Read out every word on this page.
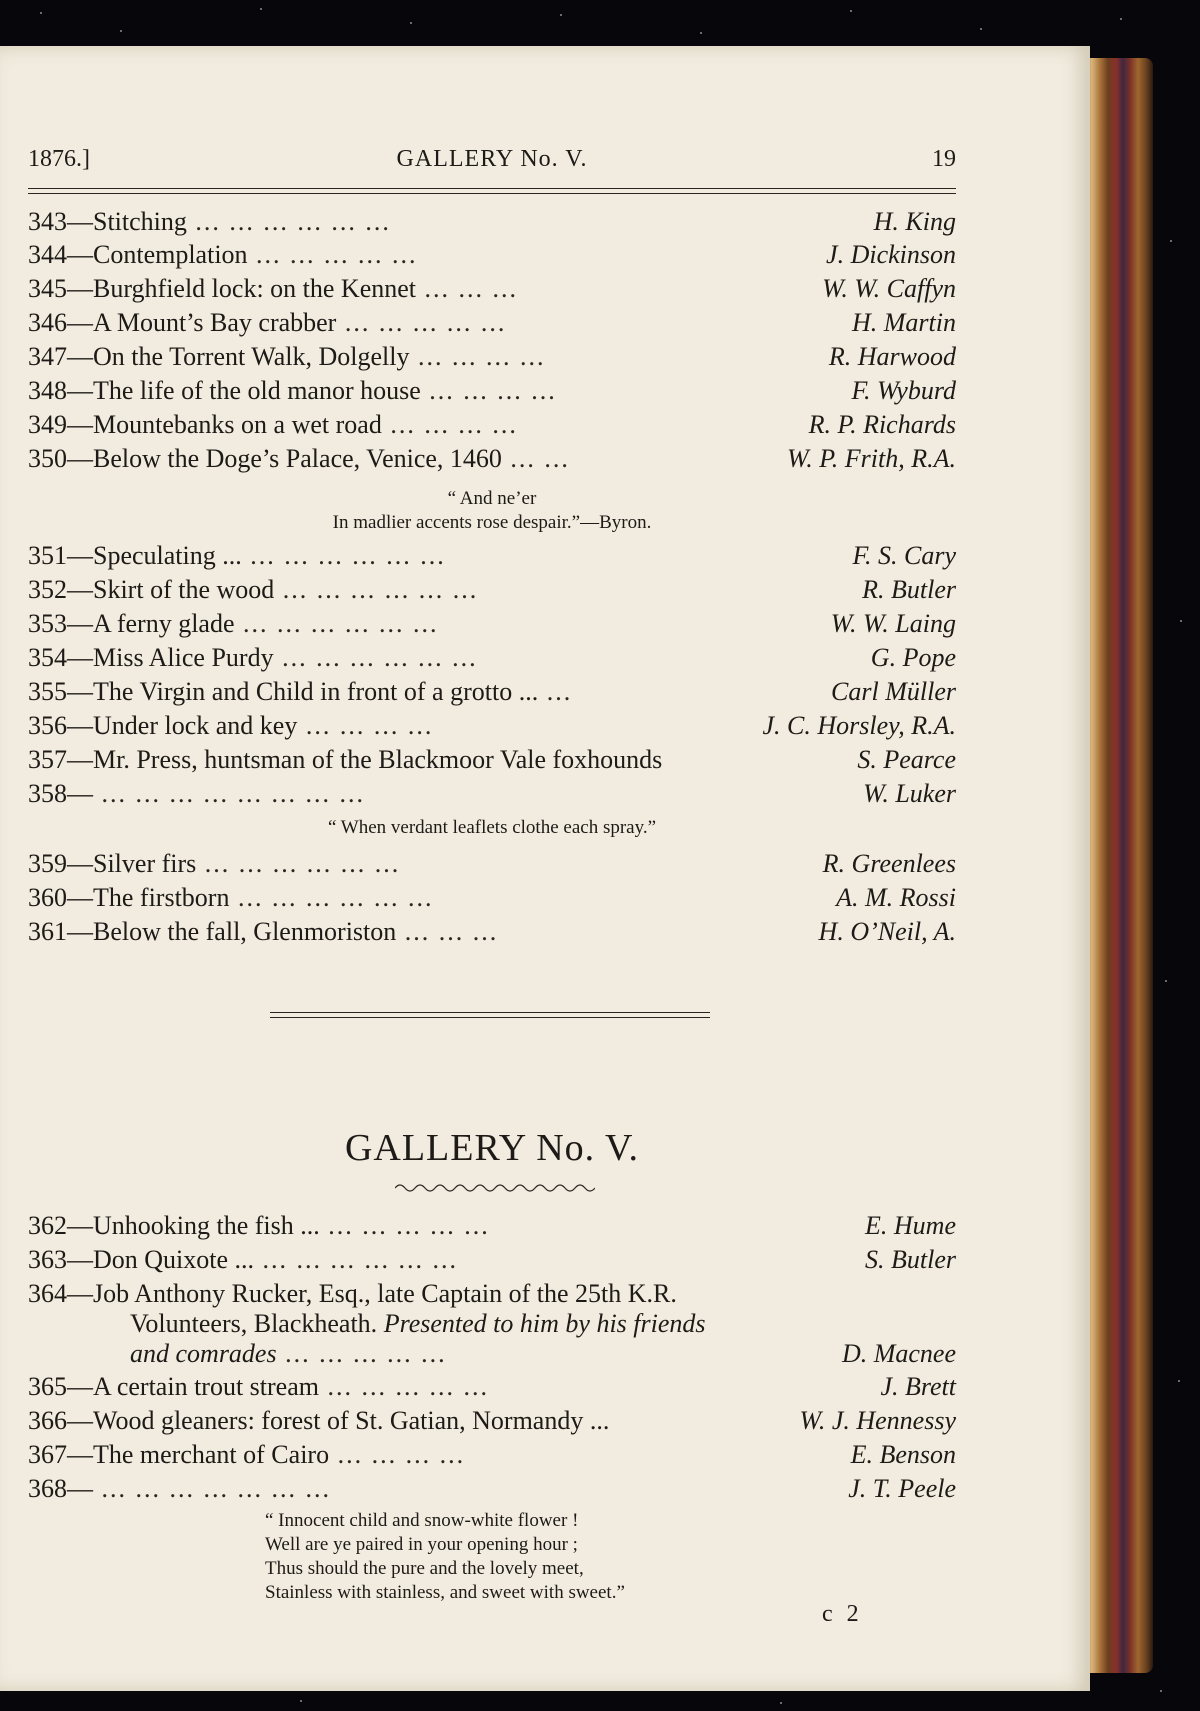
1876.]	GALLERY No. V.	19
343—Stitching ... ... ... ... ... ...	H. King
344—Contemplation ... ... ... ... ...	J. Dickinson
345—Burghfield lock: on the Kennet ... ... ...	W. W. Caffyn
346—A Mount’s Bay crabber ... ... ... ... ...	H. Martin
347—On the Torrent Walk, Dolgelly ... ... ... ...	R. Harwood
348—The life of the old manor house ... ... ... ...	F. Wyburd
349—Mountebanks on a wet road ... ... ... ...	R. P. Richards
350—Below the Doge’s Palace, Venice, 1460 ... ...	W. P. Frith, R.A.
“ And ne’er
In madlier accents rose despair.”—Byron.
351—Speculating ... ... ... ... ... ... ...	F. S. Cary
352—Skirt of the wood ... ... ... ... ... ...	R. Butler
353—A ferny glade ... ... ... ... ... ...	W. W. Laing
354—Miss Alice Purdy ... ... ... ... ... ...	G. Pope
355—The Virgin and Child in front of a grotto ... ...	Carl Müller
356—Under lock and key ... ... ... ...	J. C. Horsley, R.A.
357—Mr. Press, huntsman of the Blackmoor Vale foxhounds	S. Pearce
358— ... ... ... ... ... ... ... ...	W. Luker
“ When verdant leaflets clothe each spray.”
359—Silver firs ... ... ... ... ... ...	R. Greenlees
360—The firstborn ... ... ... ... ... ...	A. M. Rossi
361—Below the fall, Glenmoriston ... ... ...	H. O’Neil, A.
GALLERY No. V.
362—Unhooking the fish ... ... ... ... ... ...	E. Hume
363—Don Quixote ... ... ... ... ... ... ...	S. Butler
364—Job Anthony Rucker, Esq., late Captain of the 25th K.R.
Volunteers, Blackheath. Presented to him by his friends
and comrades ... ... ... ... ...	D. Macnee
365—A certain trout stream ... ... ... ... ...	J. Brett
366—Wood gleaners: forest of St. Gatian, Normandy ...	W. J. Hennessy
367—The merchant of Cairo ... ... ... ...	E. Benson
368— ... ... ... ... ... ... ...	J. T. Peele
“ Innocent child and snow-white flower !
Well are ye paired in your opening hour ;
Thus should the pure and the lovely meet,
Stainless with stainless, and sweet with sweet.”
c 2
